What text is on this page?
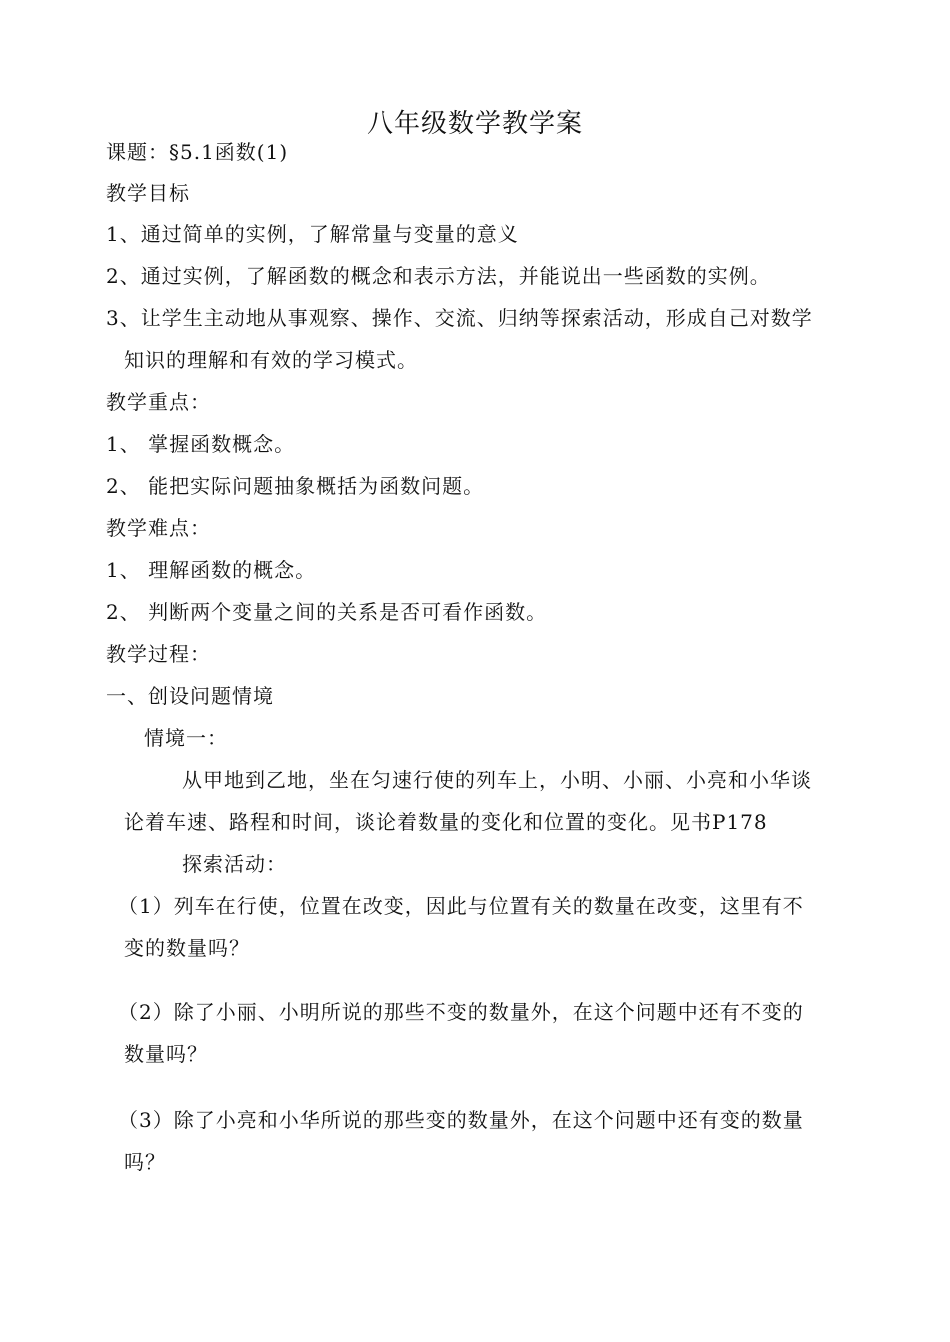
八年级数学教学案
课题：§5.1函数(1)
教学目标
1、通过简单的实例，了解常量与变量的意义
2、通过实例，了解函数的概念和表示方法，并能说出一些函数的实例。
3、让学生主动地从事观察、操作、交流、归纳等探索活动，形成自己对数学
知识的理解和有效的学习模式。
教学重点：
1、 掌握函数概念。
2、 能把实际问题抽象概括为函数问题。
教学难点：
1、 理解函数的概念。
2、 判断两个变量之间的关系是否可看作函数。
教学过程：
一、创设问题情境
情境一：
从甲地到乙地，坐在匀速行使的列车上，小明、小丽、小亮和小华谈
论着车速、路程和时间，谈论着数量的变化和位置的变化。见书P178
探索活动：
（1）列车在行使，位置在改变，因此与位置有关的数量在改变，这里有不
变的数量吗？
（2）除了小丽、小明所说的那些不变的数量外，在这个问题中还有不变的
数量吗？
（3）除了小亮和小华所说的那些变的数量外，在这个问题中还有变的数量
吗？
